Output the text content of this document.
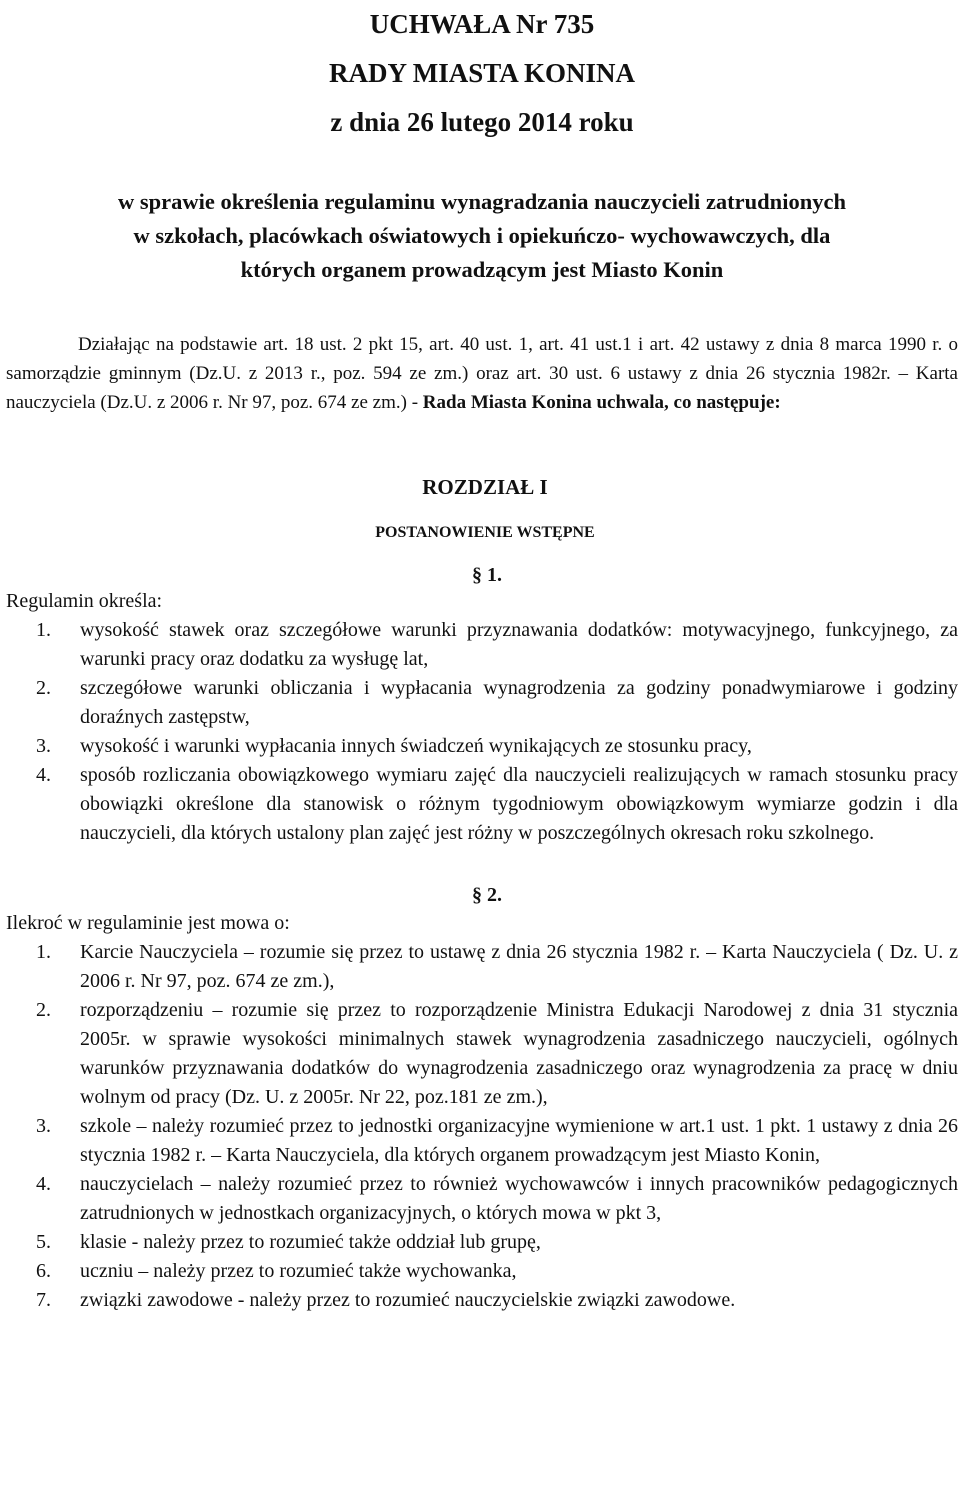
UCHWAŁA Nr 735

RADY MIASTA KONINA

z dnia 26 lutego 2014 roku

w sprawie określenia regulaminu wynagradzania nauczycieli zatrudnionych

w szkołach, placówkach oświatowych i opiekuńczo- wychowawczych, dla

których organem prowadzącym jest Miasto Konin

Działając na podstawie art. 18 ust. 2 pkt 15, art. 40 ust. 1, art. 41 ust.1 i art. 42 ustawy z dnia 8 marca 1990 r. o samorządzie gminnym (Dz.U. z 2013 r., poz. 594 ze zm.) oraz art. 30 ust. 6 ustawy z dnia 26 stycznia 1982r. – Karta nauczyciela (Dz.U. z 2006 r. Nr 97, poz. 674 ze zm.) - Rada Miasta Konina uchwala, co następuje:

ROZDZIAŁ I

POSTANOWIENIE WSTĘPNE

§ 1.

Regulamin określa:

1. wysokość stawek oraz szczegółowe warunki przyznawania dodatków: motywacyjnego, funkcyjnego, za warunki pracy oraz dodatku za wysługę lat,
2. szczegółowe warunki obliczania i wypłacania wynagrodzenia za godziny ponadwymiarowe i godziny doraźnych zastępstw,
3. wysokość i warunki wypłacania innych świadczeń wynikających ze stosunku pracy,
4. sposób rozliczania obowiązkowego wymiaru zajęć dla nauczycieli realizujących w ramach stosunku pracy obowiązki określone dla stanowisk o różnym tygodniowym obowiązkowym wymiarze godzin i dla nauczycieli, dla których ustalony plan zajęć jest różny w poszczególnych okresach roku szkolnego.

§ 2.

Ilekroć w regulaminie jest mowa o:

1. Karcie Nauczyciela – rozumie się przez to ustawę z dnia 26 stycznia 1982 r. – Karta Nauczyciela ( Dz. U. z 2006 r. Nr 97, poz. 674 ze zm.),
2. rozporządzeniu – rozumie się przez to rozporządzenie Ministra Edukacji Narodowej z dnia 31 stycznia 2005r. w sprawie wysokości minimalnych stawek wynagrodzenia zasadniczego nauczycieli, ogólnych warunków przyznawania dodatków do wynagrodzenia zasadniczego oraz wynagrodzenia za pracę w dniu wolnym od pracy (Dz. U. z 2005r. Nr 22, poz.181 ze zm.),
3. szkole – należy rozumieć przez to jednostki organizacyjne wymienione w art.1 ust. 1 pkt. 1 ustawy z dnia 26 stycznia 1982 r. – Karta Nauczyciela, dla których organem prowadzącym jest Miasto Konin,
4. nauczycielach – należy rozumieć przez to również wychowawców i innych pracowników pedagogicznych zatrudnionych w jednostkach organizacyjnych, o których mowa w pkt 3,
5. klasie - należy przez to rozumieć także oddział lub grupę,
6. uczniu – należy przez to rozumieć także wychowanka,
7. związki zawodowe - należy przez to rozumieć nauczycielskie związki zawodowe.
